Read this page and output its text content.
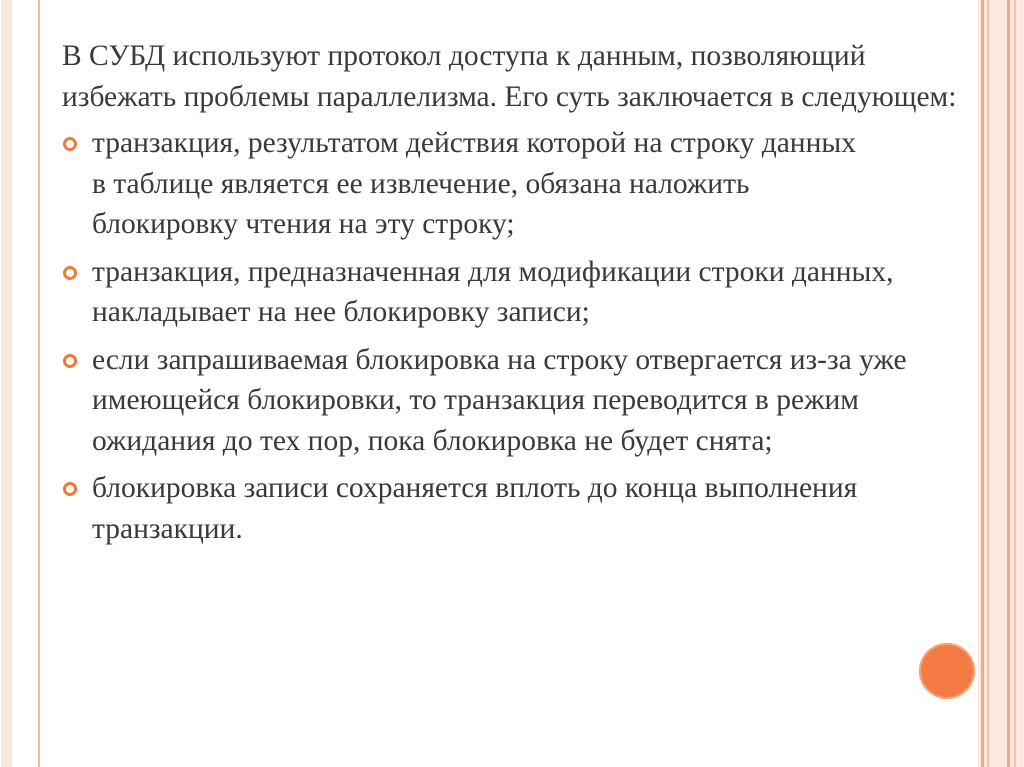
В СУБД используют протокол доступа к данным, позволяющий избежать проблемы параллелизма. Его суть заключается в следующем:

транзакция, результатом действия которой на строку данных в таблице является ее извлечение, обязана наложить блокировку чтения на эту строку;
транзакция, предназначенная для модификации строки данных, накладывает на нее блокировку записи;
если запрашиваемая блокировка на строку отвергается из-за уже имеющейся блокировки, то транзакция переводится в режим ожидания до тех пор, пока блокировка не будет снята;
блокировка записи сохраняется вплоть до конца выполнения транзакции.
